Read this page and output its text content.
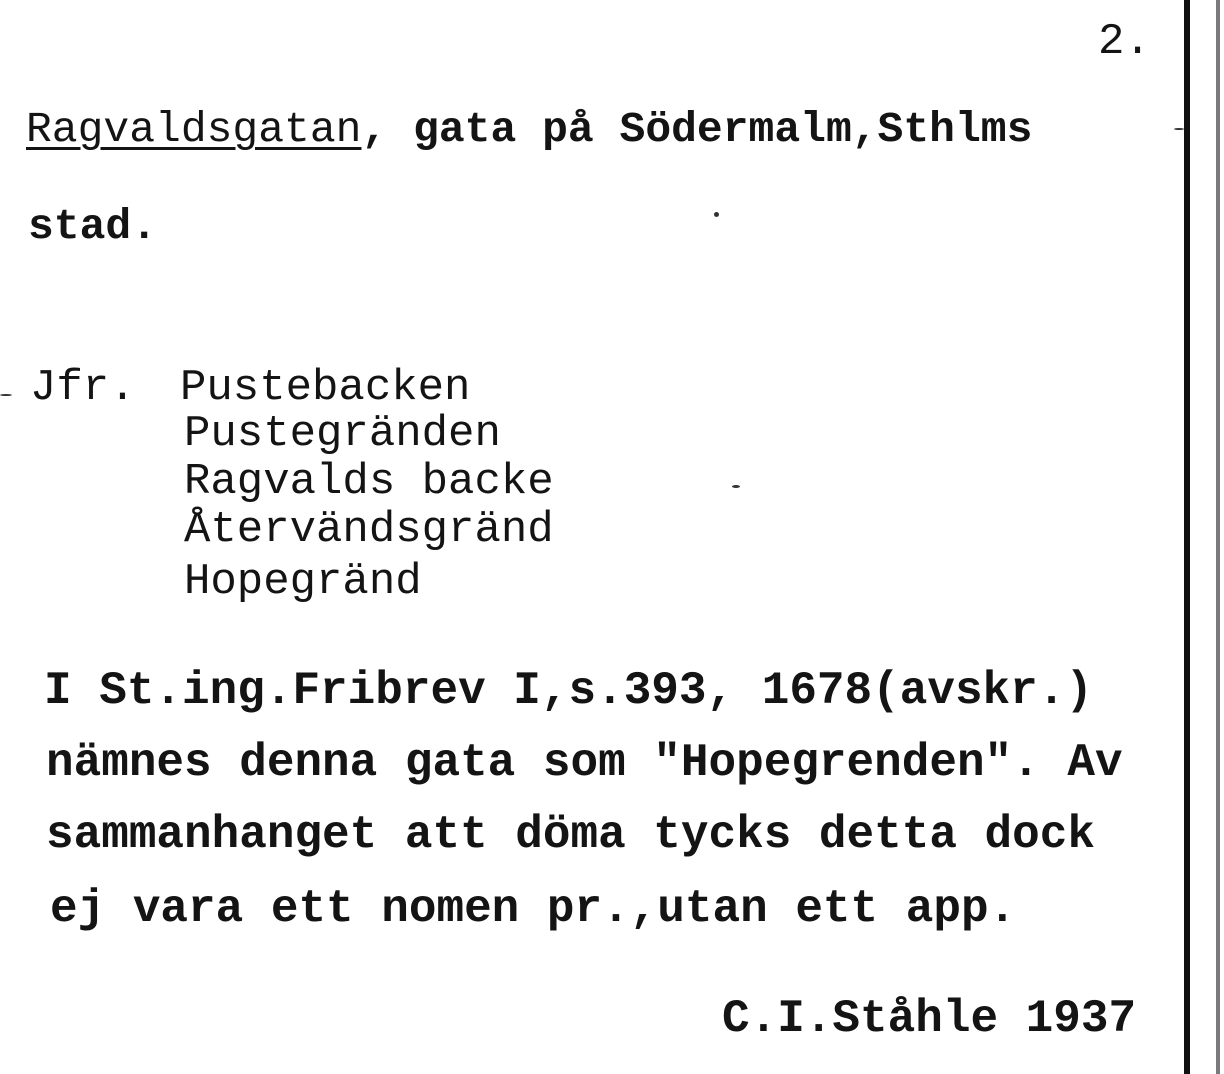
2.
Ragvaldsgatan, gata på Södermalm,Sthlms
stad.
Jfr. Pustebacken
Pustegränden
Ragvalds backe
Återvändsgränd
Hopegränd
I St.ing.Fribrev I,s.393, 1678(avskr.)
nämnes denna gata som "Hopegrenden". Av
sammanhanget att döma tycks detta dock
ej vara ett nomen pr.,utan ett app.
C.I.Ståhle 1937
